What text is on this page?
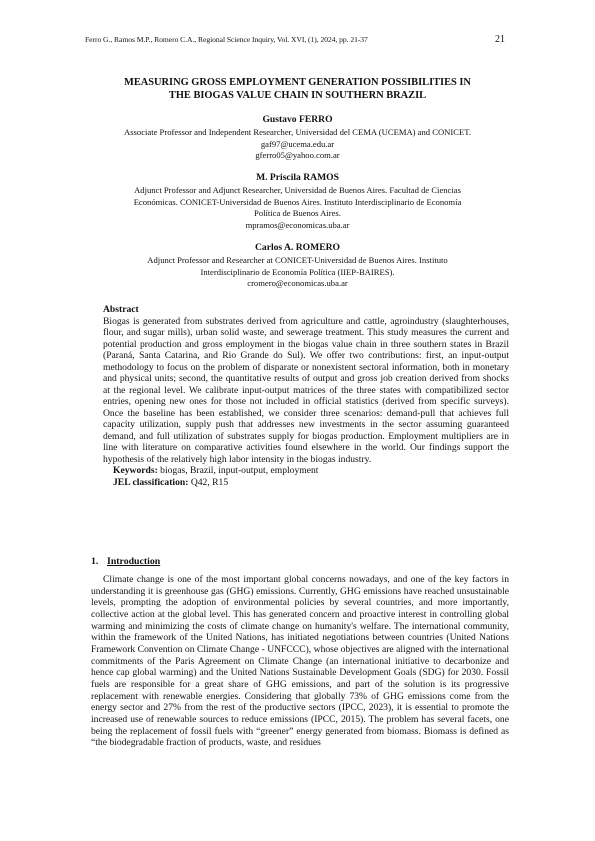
Ferro G., Ramos M.P., Romero C.A., Regional Science Inquiry, Vol. XVI, (1), 2024, pp. 21-37	21
MEASURING GROSS EMPLOYMENT GENERATION POSSIBILITIES IN
THE BIOGAS VALUE CHAIN IN SOUTHERN BRAZIL
Gustavo FERRO
Associate Professor and Independent Researcher, Universidad del CEMA (UCEMA) and CONICET.
gaf97@ucema.edu.ar
gferro05@yahoo.com.ar
M. Priscila RAMOS
Adjunct Professor and Adjunct Researcher, Universidad de Buenos Aires. Facultad de Ciencias
Económicas. CONICET-Universidad de Buenos Aires. Instituto Interdisciplinario de Economía
Política de Buenos Aires.
mpramos@economicas.uba.ar
Carlos A. ROMERO
Adjunct Professor and Researcher at CONICET-Universidad de Buenos Aires. Instituto
Interdisciplinario de Economía Política (IIEP-BAIRES).
cromero@economicas.uba.ar
Abstract

Biogas is generated from substrates derived from agriculture and cattle, agroindustry (slaughterhouses, flour, and sugar mills), urban solid waste, and sewerage treatment. This study measures the current and potential production and gross employment in the biogas value chain in three southern states in Brazil (Paraná, Santa Catarina, and Rio Grande do Sul). We offer two contributions: first, an input-output methodology to focus on the problem of disparate or nonexistent sectoral information, both in monetary and physical units; second, the quantitative results of output and gross job creation derived from shocks at the regional level. We calibrate input-output matrices of the three states with compatibilized sector entries, opening new ones for those not included in official statistics (derived from specific surveys). Once the baseline has been established, we consider three scenarios: demand-pull that achieves full capacity utilization, supply push that addresses new investments in the sector assuming guaranteed demand, and full utilization of substrates supply for biogas production. Employment multipliers are in line with literature on comparative activities found elsewhere in the world. Our findings support the hypothesis of the relatively high labor intensity in the biogas industry.

Keywords: biogas, Brazil, input-output, employment
JEL classification: Q42, R15
1. Introduction

Climate change is one of the most important global concerns nowadays, and one of the key factors in understanding it is greenhouse gas (GHG) emissions. Currently, GHG emissions have reached unsustainable levels, prompting the adoption of environmental policies by several countries, and more importantly, collective action at the global level. This has generated concern and proactive interest in controlling global warming and minimizing the costs of climate change on humanity's welfare. The international community, within the framework of the United Nations, has initiated negotiations between countries (United Nations Framework Convention on Climate Change - UNFCCC), whose objectives are aligned with the international commitments of the Paris Agreement on Climate Change (an international initiative to decarbonize and hence cap global warming) and the United Nations Sustainable Development Goals (SDG) for 2030. Fossil fuels are responsible for a great share of GHG emissions, and part of the solution is its progressive replacement with renewable energies. Considering that globally 73% of GHG emissions come from the energy sector and 27% from the rest of the productive sectors (IPCC, 2023), it is essential to promote the increased use of renewable sources to reduce emissions (IPCC, 2015). The problem has several facets, one being the replacement of fossil fuels with “greener” energy generated from biomass. Biomass is defined as “the biodegradable fraction of products, waste, and residues
